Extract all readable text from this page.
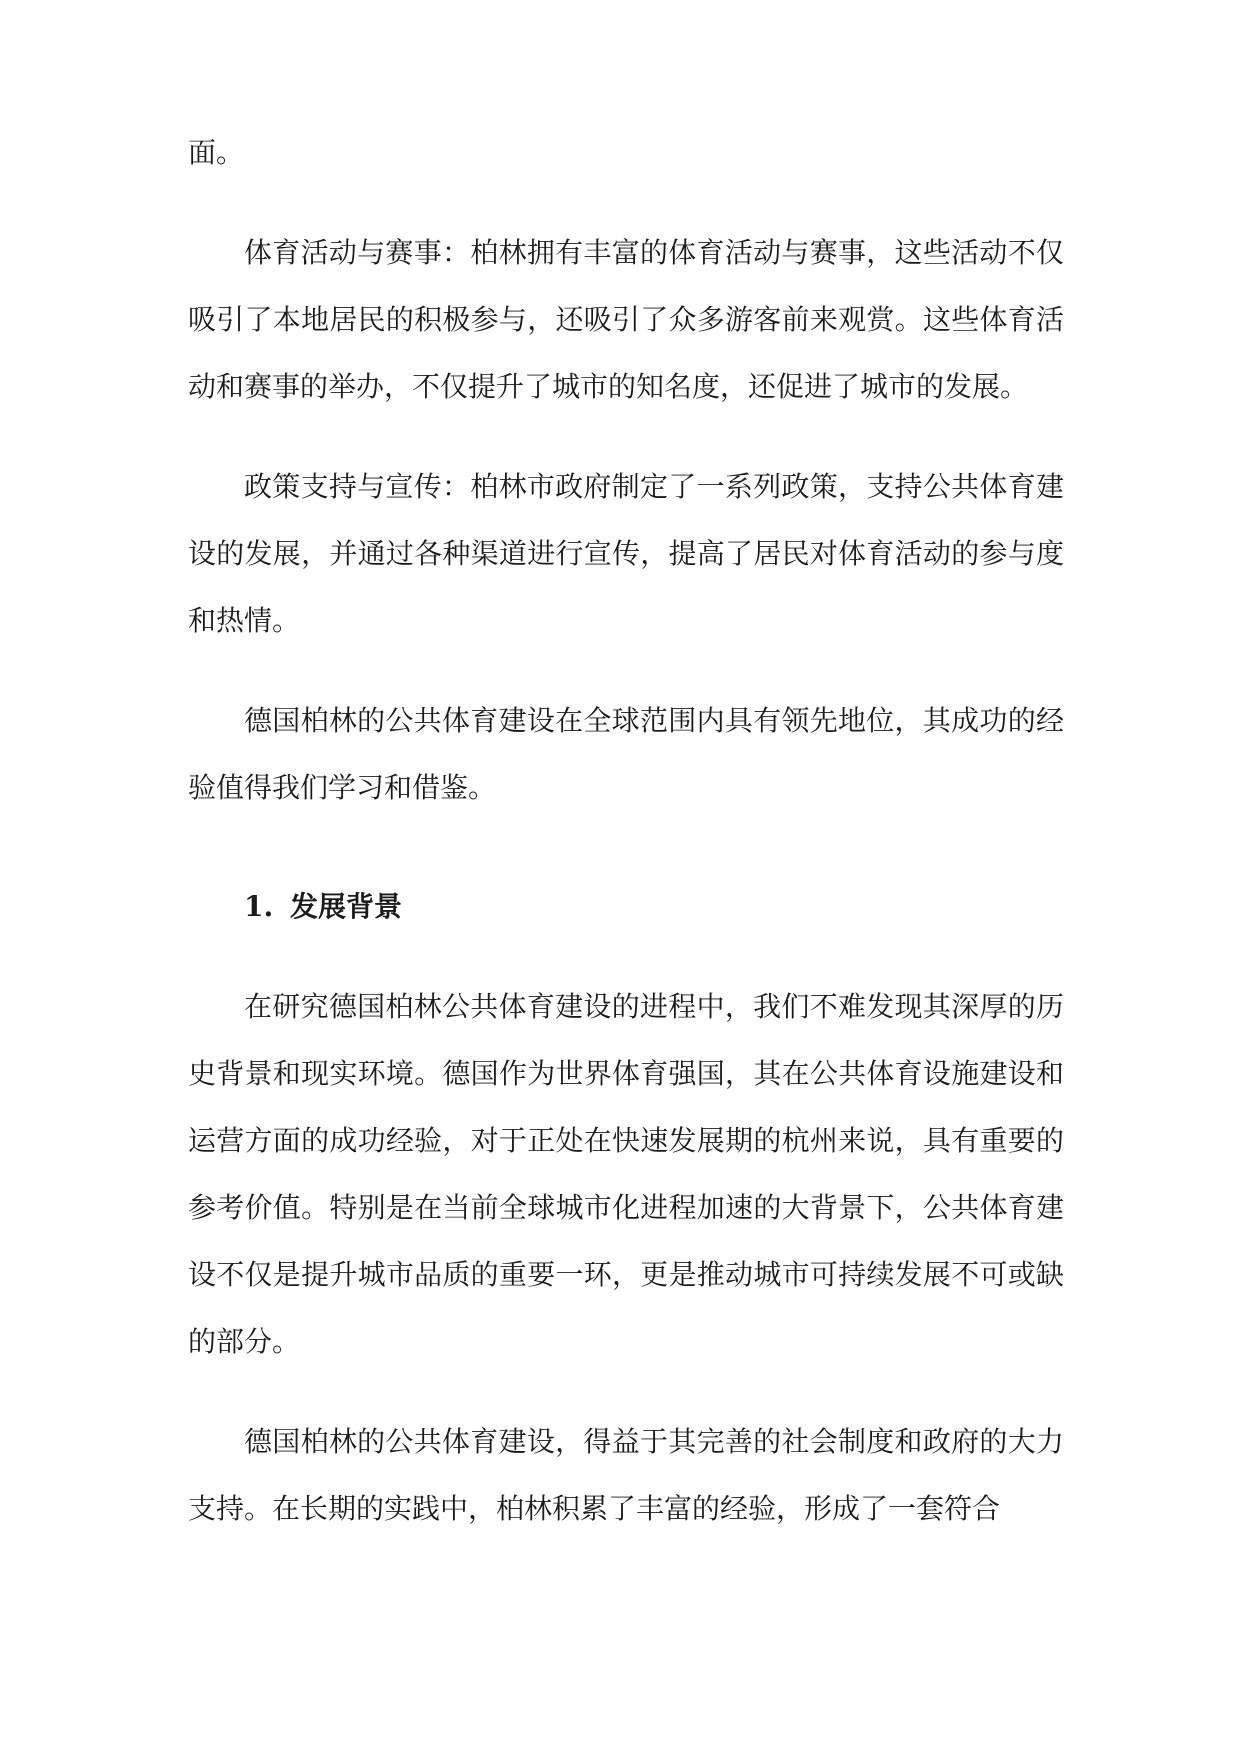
面。

体育活动与赛事：柏林拥有丰富的体育活动与赛事，这些活动不仅吸引了本地居民的积极参与，还吸引了众多游客前来观赏。这些体育活动和赛事的举办，不仅提升了城市的知名度，还促进了城市的发展。

政策支持与宣传：柏林市政府制定了一系列政策，支持公共体育建设的发展，并通过各种渠道进行宣传，提高了居民对体育活动的参与度和热情。

德国柏林的公共体育建设在全球范围内具有领先地位，其成功的经验值得我们学习和借鉴。

1. 发展背景

在研究德国柏林公共体育建设的进程中，我们不难发现其深厚的历史背景和现实环境。德国作为世界体育强国，其在公共体育设施建设和运营方面的成功经验，对于正处在快速发展期的杭州来说，具有重要的参考价值。特别是在当前全球城市化进程加速的大背景下，公共体育建设不仅是提升城市品质的重要一环，更是推动城市可持续发展不可或缺的部分。

德国柏林的公共体育建设，得益于其完善的社会制度和政府的大力支持。在长期的实践中，柏林积累了丰富的经验，形成了一套符合
